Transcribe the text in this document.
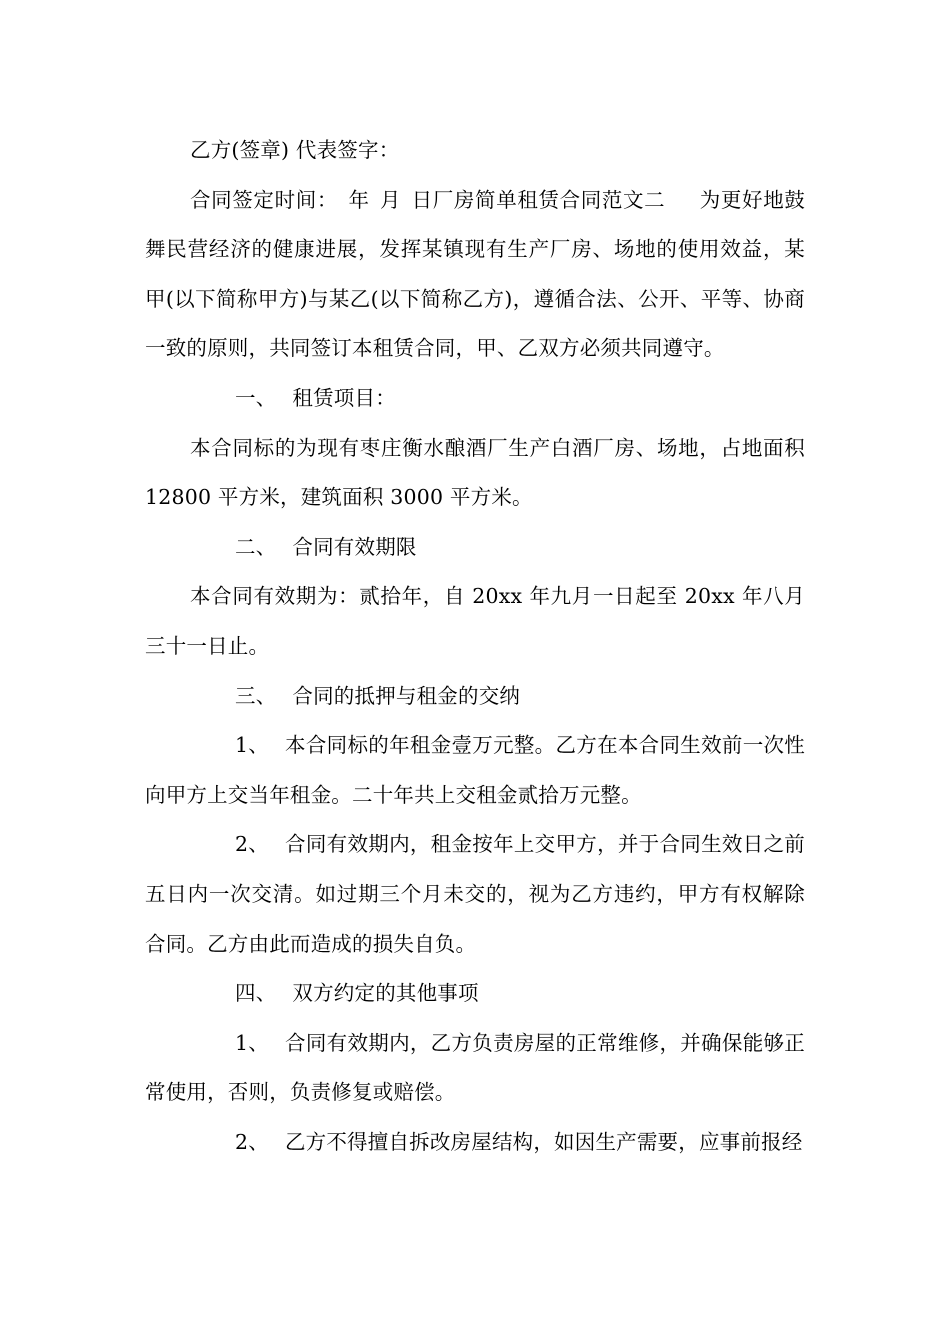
乙方(签章) 代表签字：

合同签定时间： 年 月 日厂房简单租赁合同范文二 为更好地鼓舞民营经济的健康进展，发挥某镇现有生产厂房、场地的使用效益，某甲(以下简称甲方)与某乙(以下简称乙方)，遵循合法、公开、平等、协商一致的原则，共同签订本租赁合同，甲、乙双方必须共同遵守。

一、 租赁项目：

本合同标的为现有枣庄衡水酿酒厂生产白酒厂房、场地，占地面积 12800 平方米，建筑面积 3000 平方米。

二、 合同有效期限

本合同有效期为：贰拾年，自 20xx 年九月一日起至 20xx 年八月三十一日止。

三、 合同的抵押与租金的交纳

1、 本合同标的年租金壹万元整。乙方在本合同生效前一次性向甲方上交当年租金。二十年共上交租金贰拾万元整。

2、 合同有效期内，租金按年上交甲方，并于合同生效日之前五日内一次交清。如过期三个月未交的，视为乙方违约，甲方有权解除合同。乙方由此而造成的损失自负。

四、 双方约定的其他事项

1、 合同有效期内，乙方负责房屋的正常维修，并确保能够正常使用，否则，负责修复或赔偿。

2、 乙方不得擅自拆改房屋结构，如因生产需要，应事前报经
